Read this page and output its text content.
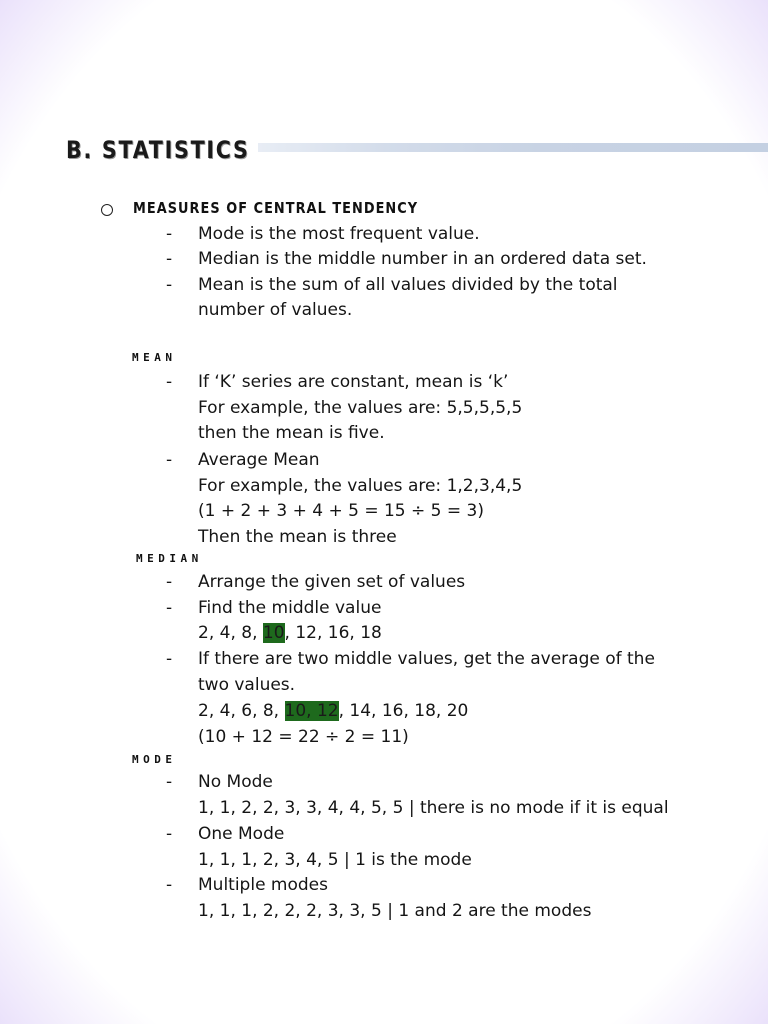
B. STATISTICS
MEASURES OF CENTRAL TENDENCY
- Mode is the most frequent value.
- Median is the middle number in an ordered data set.
- Mean is the sum of all values divided by the total
number of values.
MEAN
- If ‘K’ series are constant, mean is ‘k’
For example, the values are: 5,5,5,5,5
then the mean is five.
- Average Mean
For example, the values are: 1,2,3,4,5
(1 + 2 + 3 + 4 + 5 = 15 ÷ 5 = 3)
Then the mean is three
MEDIAN
- Arrange the given set of values
- Find the middle value
2, 4, 8, 10, 12, 16, 18
- If there are two middle values, get the average of the
two values.
2, 4, 6, 8, 10, 12, 14, 16, 18, 20
(10 + 12 = 22 ÷ 2 = 11)
MODE
- No Mode
1, 1, 2, 2, 3, 3, 4, 4, 5, 5 | there is no mode if it is equal
- One Mode
1, 1, 1, 2, 3, 4, 5 | 1 is the mode
- Multiple modes
1, 1, 1, 2, 2, 2, 3, 3, 5 | 1 and 2 are the modes
